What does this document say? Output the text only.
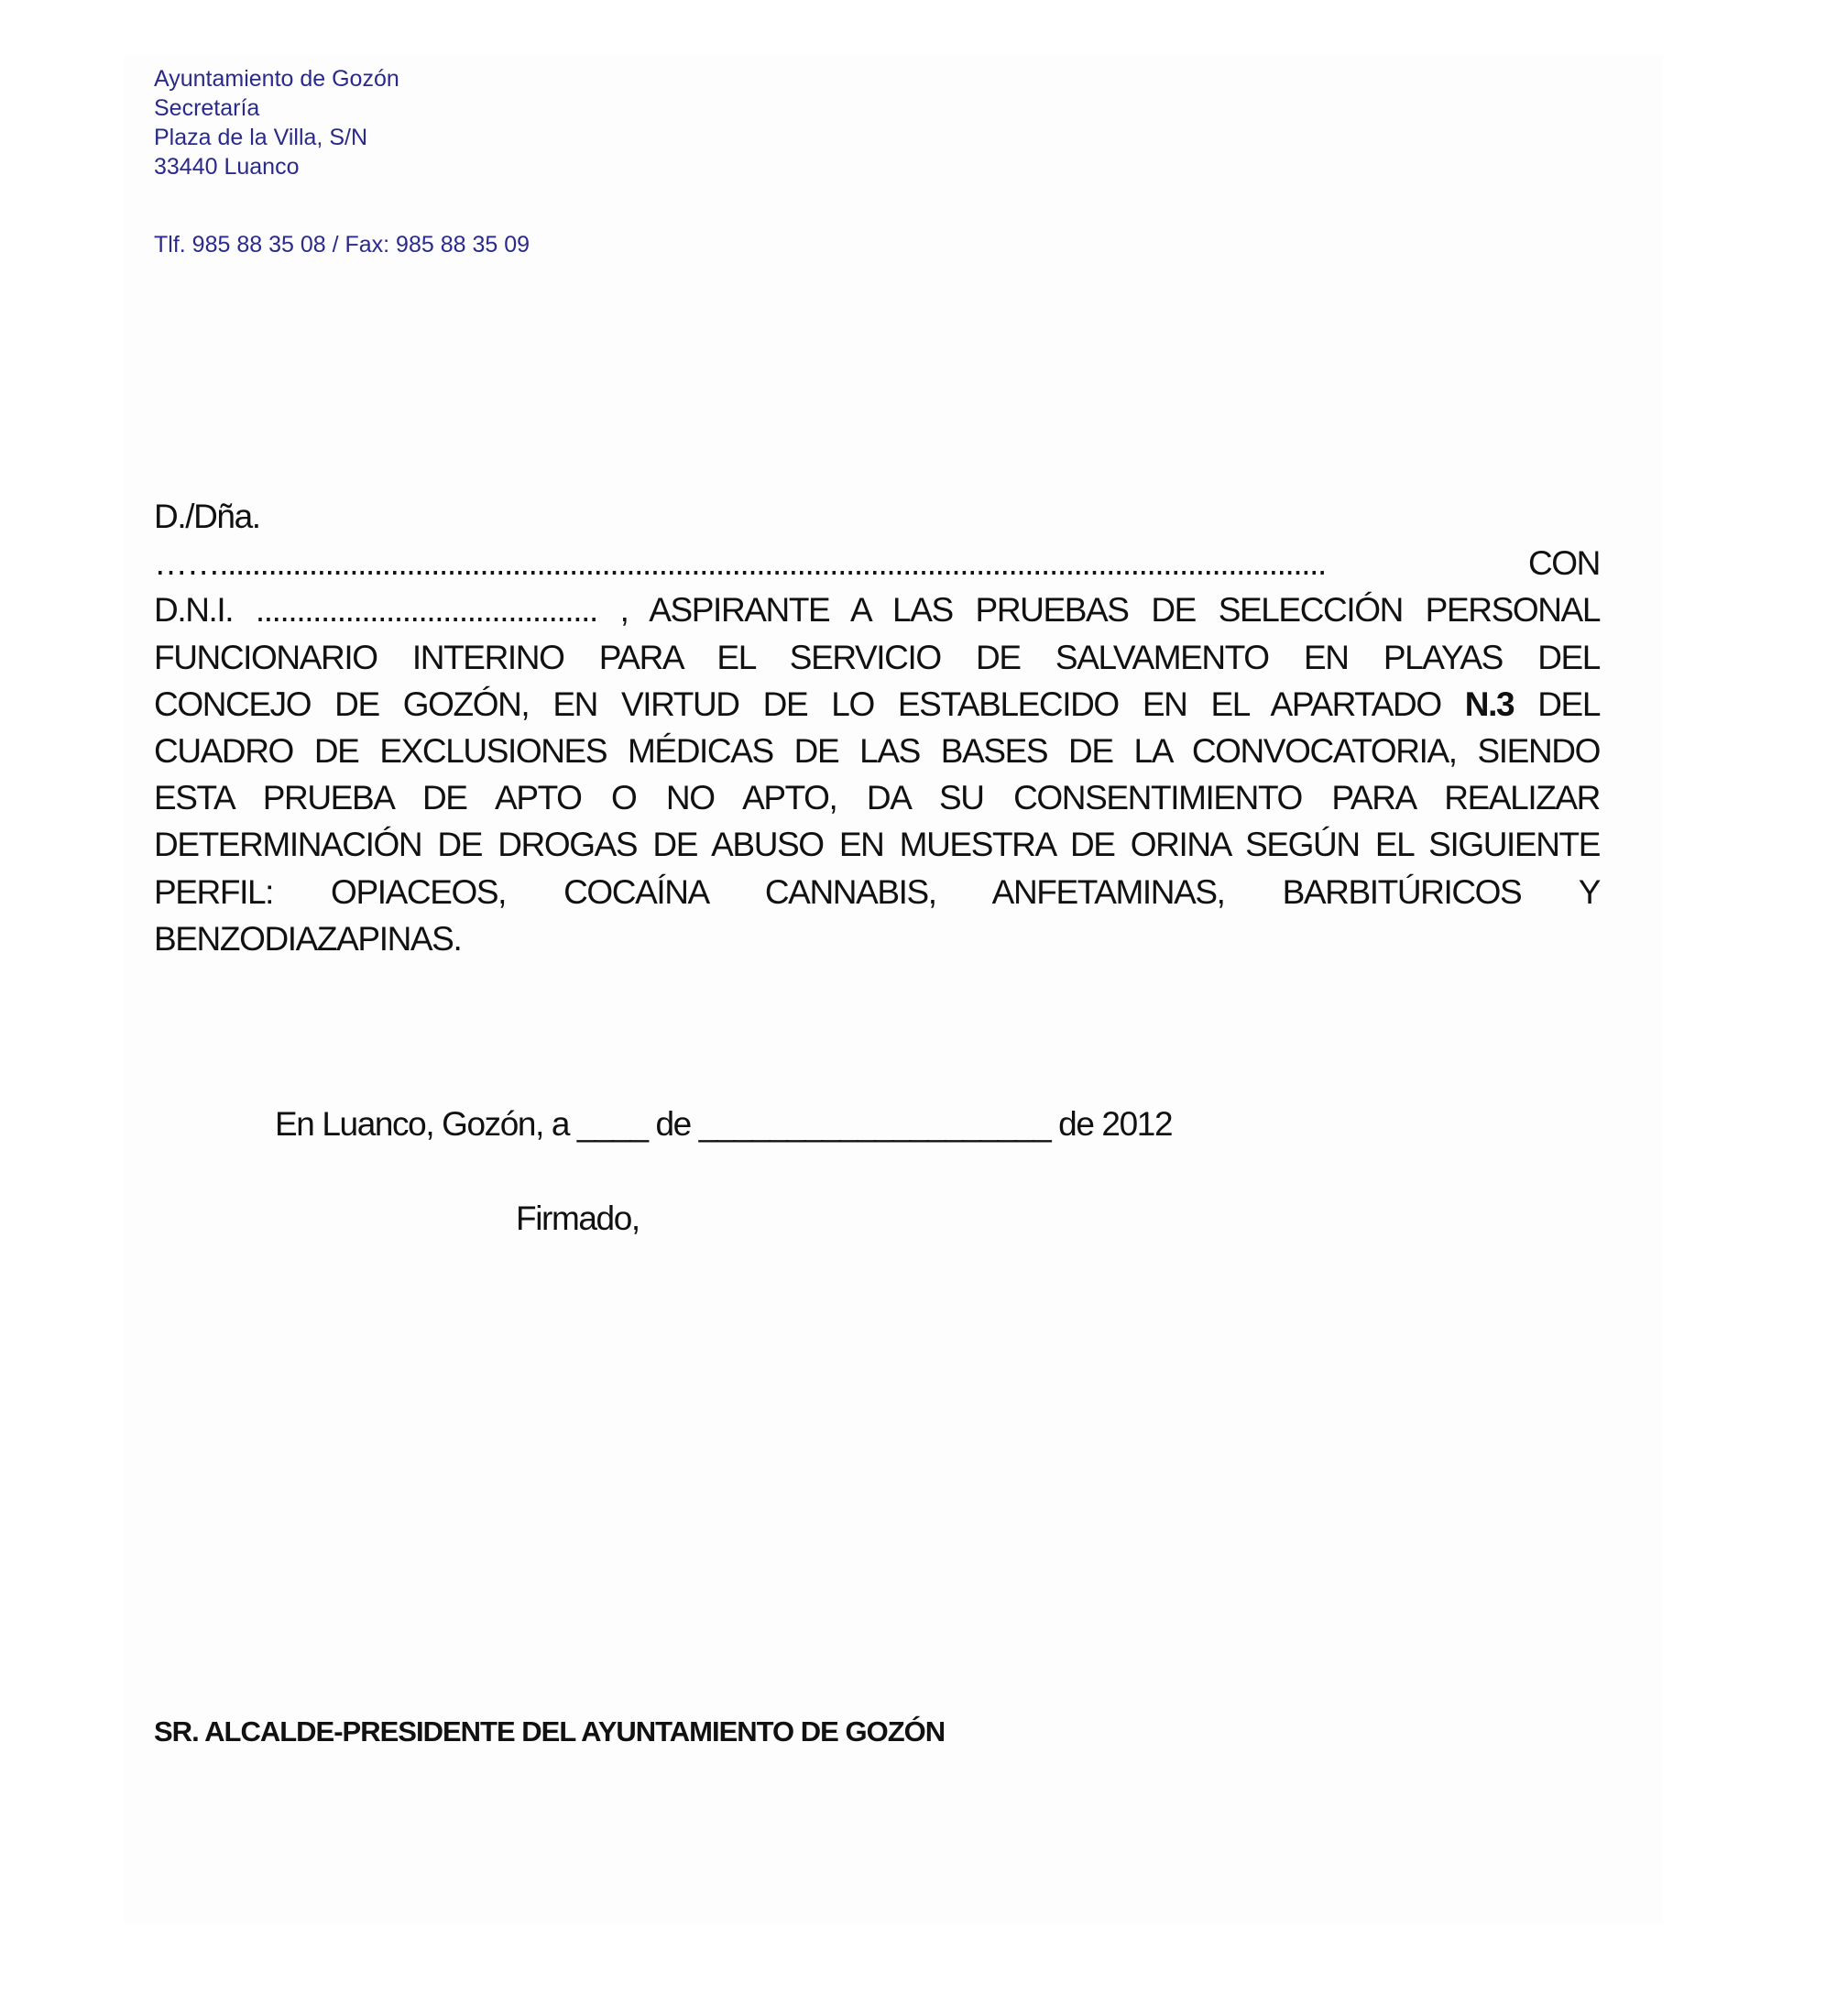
Ayuntamiento de Gozón
Secretaría
Plaza de la Villa, S/N
33440 Luanco
Tlf. 985 88 35 08 / Fax: 985 88 35 09
D./Dña.
……........................................................................................................................................ CON
D.N.I. .......................................... , ASPIRANTE A LAS PRUEBAS DE SELECCIÓN PERSONAL
FUNCIONARIO INTERINO PARA EL SERVICIO DE SALVAMENTO EN PLAYAS DEL
CONCEJO DE GOZÓN, EN VIRTUD DE LO ESTABLECIDO EN EL APARTADO N.3 DEL
CUADRO DE EXCLUSIONES MÉDICAS DE LAS BASES DE LA CONVOCATORIA, SIENDO
ESTA PRUEBA DE APTO O NO APTO, DA SU CONSENTIMIENTO PARA REALIZAR
DETERMINACIÓN DE DROGAS DE ABUSO EN MUESTRA DE ORINA SEGÚN EL SIGUIENTE
PERFIL: OPIACEOS, COCAÍNA CANNABIS, ANFETAMINAS, BARBITÚRICOS Y
BENZODIAZAPINAS.
En Luanco, Gozón, a ____ de ____________________ de 2012
Firmado,
SR. ALCALDE-PRESIDENTE DEL AYUNTAMIENTO DE GOZÓN
